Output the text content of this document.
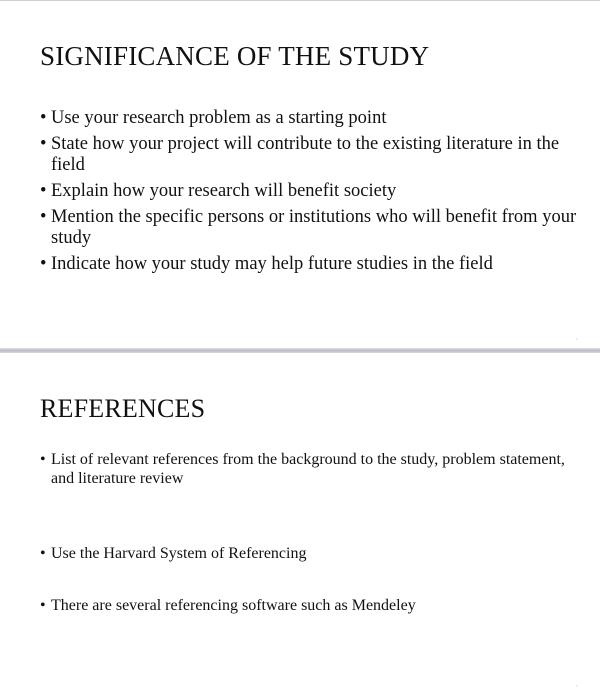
SIGNIFICANCE OF THE STUDY
• Use your research problem as a starting point
• State how your project will contribute to the existing literature in the field
• Explain how your research will benefit society
• Mention the specific persons or institutions who will benefit from your study
• Indicate how your study may help future studies in the field
▫
REFERENCES
• List of relevant references from the background to the study, problem statement, and literature review
• Use the Harvard System of Referencing
• There are several referencing software such as Mendeley
▫
